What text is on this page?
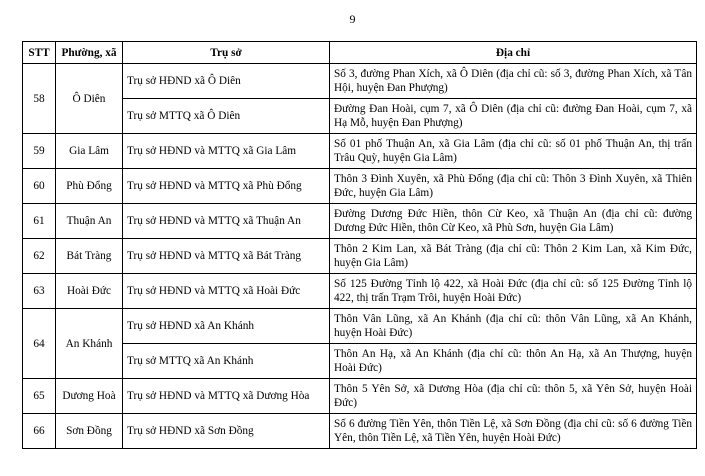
9
STT	Phường, xã	Trụ sở	Địa chỉ
58	Ô Diên	Trụ sở HĐND xã Ô Diên	Số 3, đường Phan Xích, xã Ô Diên (địa chỉ cũ: số 3, đường Phan Xích, xã Tân Hội, huyện Đan Phượng)
		Trụ sở MTTQ xã Ô Diên	Đường Đan Hoài, cụm 7, xã Ô Diên (địa chỉ cũ: đường Đan Hoài, cụm 7, xã Hạ Mỗ, huyện Đan Phượng)
59	Gia Lâm	Trụ sở HĐND và MTTQ xã Gia Lâm	Số 01 phố Thuận An, xã Gia Lâm (địa chỉ cũ: số 01 phố Thuận An, thị trấn Trâu Quỳ, huyện Gia Lâm)
60	Phù Đổng	Trụ sở HĐND và MTTQ xã Phù Đổng	Thôn 3 Đình Xuyên, xã Phù Đổng (địa chỉ cũ: Thôn 3 Đình Xuyên, xã Thiên Đức, huyện Gia Lâm)
61	Thuận An	Trụ sở HĐND và MTTQ xã Thuận An	Đường Dương Đức Hiền, thôn Cừ Keo, xã Thuận An (địa chỉ cũ: đường Dương Đức Hiền, thôn Cừ Keo, xã Phù Sơn, huyện Gia Lâm)
62	Bát Tràng	Trụ sở HĐND và MTTQ xã Bát Tràng	Thôn 2 Kim Lan, xã Bát Tràng (địa chỉ cũ: Thôn 2 Kim Lan, xã Kim Đức, huyện Gia Lâm)
63	Hoài Đức	Trụ sở HĐND và MTTQ xã Hoài Đức	Số 125 Đường Tỉnh lộ 422, xã Hoài Đức (địa chỉ cũ: số 125 Đường Tỉnh lộ 422, thị trấn Trạm Trôi, huyện Hoài Đức)
64	An Khánh	Trụ sở HĐND xã An Khánh	Thôn Vân Lũng, xã An Khánh (địa chỉ cũ: thôn Vân Lũng, xã An Khánh, huyện Hoài Đức)
		Trụ sở MTTQ xã An Khánh	Thôn An Hạ, xã An Khánh (địa chỉ cũ: thôn An Hạ, xã An Thượng, huyện Hoài Đức)
65	Dương Hoà	Trụ sở HĐND và MTTQ xã Dương Hòa	Thôn 5 Yên Sở, xã Dương Hòa (địa chỉ cũ: thôn 5, xã Yên Sở, huyện Hoài Đức)
66	Sơn Đồng	Trụ sở HĐND xã Sơn Đồng	Số 6 đường Tiền Yên, thôn Tiền Lệ, xã Sơn Đồng (địa chỉ cũ: số 6 đường Tiền Yên, thôn Tiền Lệ, xã Tiền Yên, huyện Hoài Đức)
